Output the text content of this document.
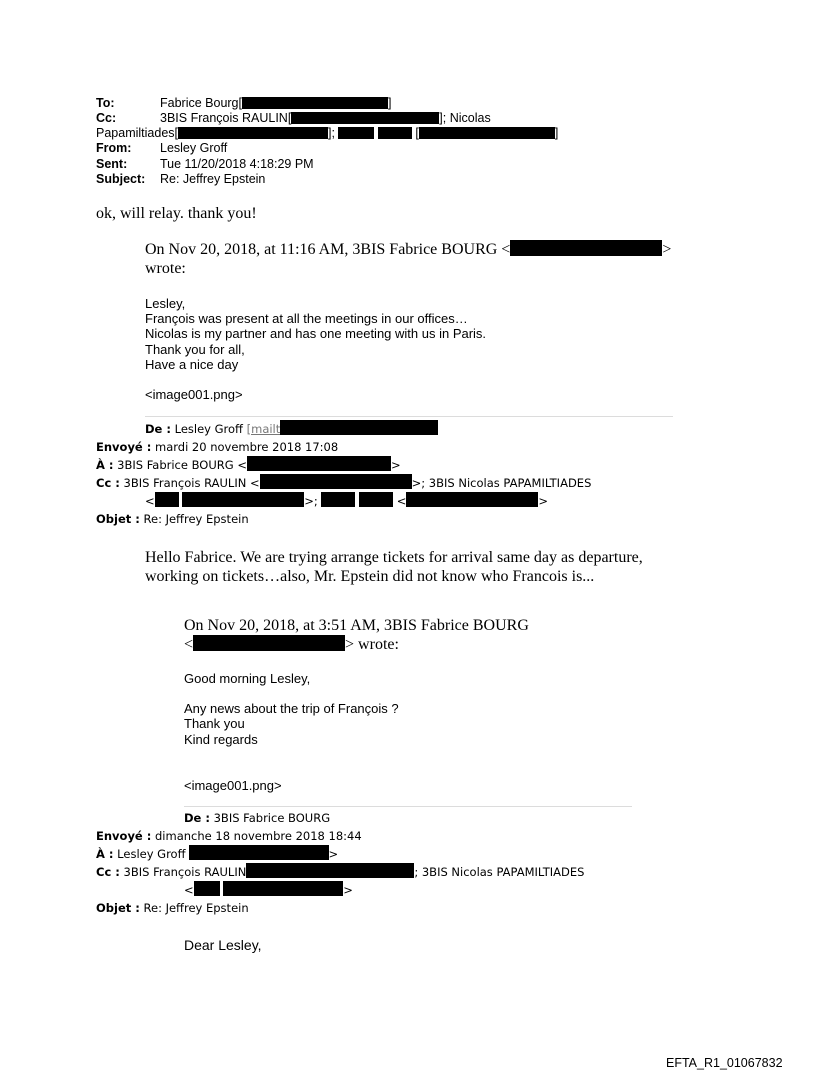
To:	Fabrice Bourg[	]
Cc:	3BIS François RAULIN[	]; Nicolas
Papamiltiades[	];	[	]
From: Lesley Groff
Sent:	Tue 11/20/2018 4:18:29 PM
Subject: Re: Jeffrey Epstein
ok, will relay. thank you!
On Nov 20, 2018, at 11:16 AM, 3BIS Fabrice BOURG <	>
wrote:
Lesley,
François was present at all the meetings in our offices…
Nicolas is my partner and has one meeting with us in Paris.
Thank you for all,
Have a nice day
<image001.png>
De : Lesley Groff [mailt
Envoyé : mardi 20 novembre 2018 17:08
À : 3BIS Fabrice BOURG <	>
Cc : 3BIS François RAULIN <	>; 3BIS Nicolas PAPAMILTIADES
<	>;	<	>
Objet : Re: Jeffrey Epstein
Hello Fabrice. We are trying arrange tickets for arrival same day as departure,
working on tickets…also, Mr. Epstein did not know who Francois is...
On Nov 20, 2018, at 3:51 AM, 3BIS Fabrice BOURG
<	> wrote:
Good morning Lesley,
Any news about the trip of François ?
Thank you
Kind regards
<image001.png>
De : 3BIS Fabrice BOURG
Envoyé : dimanche 18 novembre 2018 18:44
À : Lesley Groff	>
Cc : 3BIS François RAULIN	; 3BIS Nicolas PAPAMILTIADES
<	>
Objet : Re: Jeffrey Epstein
Dear Lesley,
EFTA_R1_01067832
